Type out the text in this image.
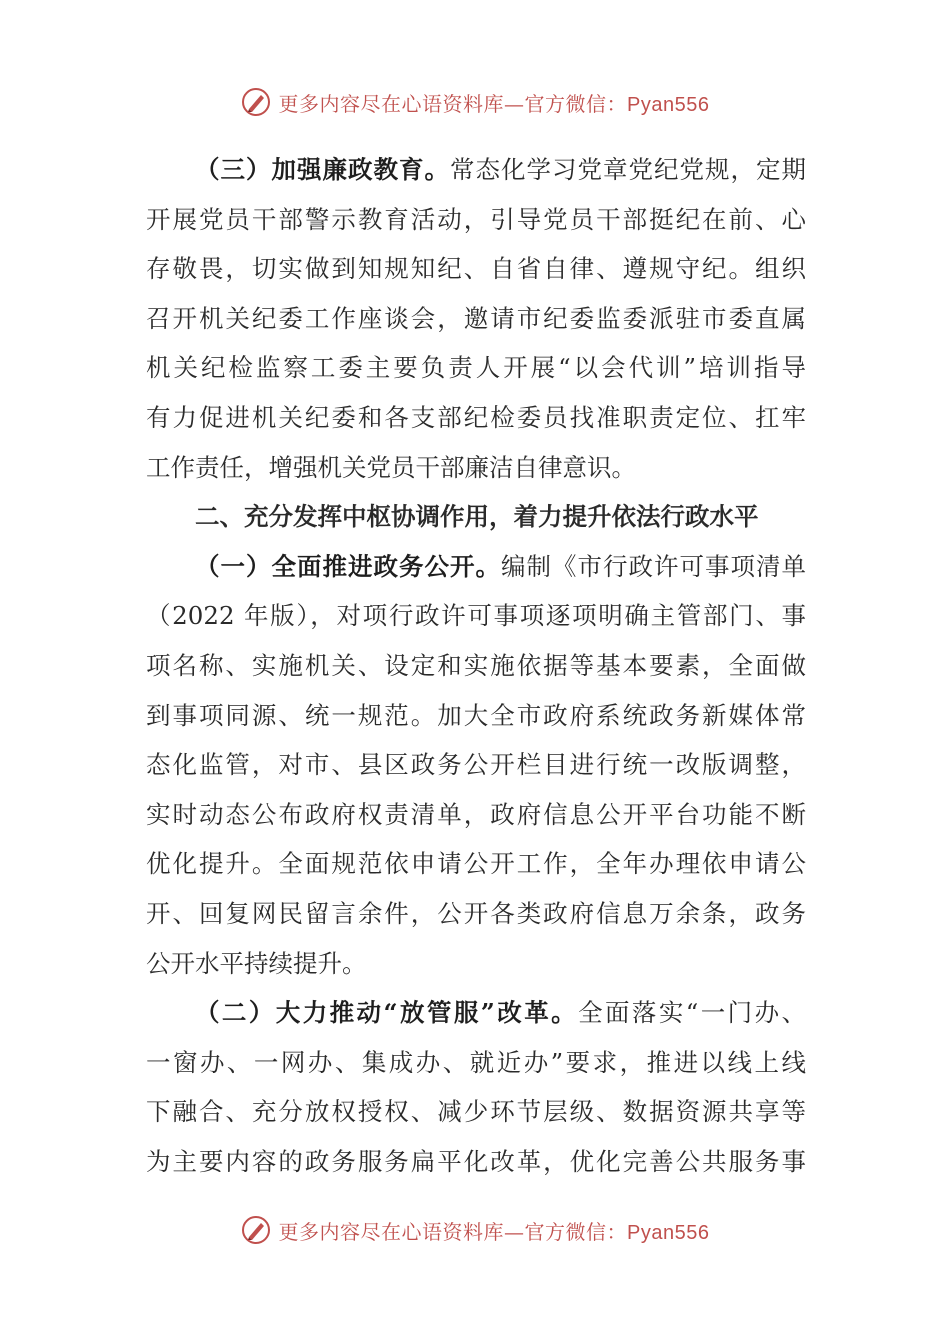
更多内容尽在心语资料库—官方微信：Pyan556
（三）加强廉政教育。常态化学习党章党纪党规，定期
开展党员干部警示教育活动，引导党员干部挺纪在前、心
存敬畏，切实做到知规知纪、自省自律、遵规守纪。组织
召开机关纪委工作座谈会，邀请市纪委监委派驻市委直属
机关纪检监察工委主要负责人开展“以会代训”培训指导
有力促进机关纪委和各支部纪检委员找准职责定位、扛牢
工作责任，增强机关党员干部廉洁自律意识。
二、充分发挥中枢协调作用，着力提升依法行政水平
（一）全面推进政务公开。编制《市行政许可事项清单
（2022 年版），对项行政许可事项逐项明确主管部门、事
项名称、实施机关、设定和实施依据等基本要素，全面做
到事项同源、统一规范。加大全市政府系统政务新媒体常
态化监管，对市、县区政务公开栏目进行统一改版调整，
实时动态公布政府权责清单，政府信息公开平台功能不断
优化提升。全面规范依申请公开工作，全年办理依申请公
开、回复网民留言余件，公开各类政府信息万余条，政务
公开水平持续提升。
（二）大力推动“放管服”改革。全面落实“一门办、
一窗办、一网办、集成办、就近办”要求，推进以线上线
下融合、充分放权授权、减少环节层级、数据资源共享等
为主要内容的政务服务扁平化改革，优化完善公共服务事
更多内容尽在心语资料库—官方微信：Pyan556
